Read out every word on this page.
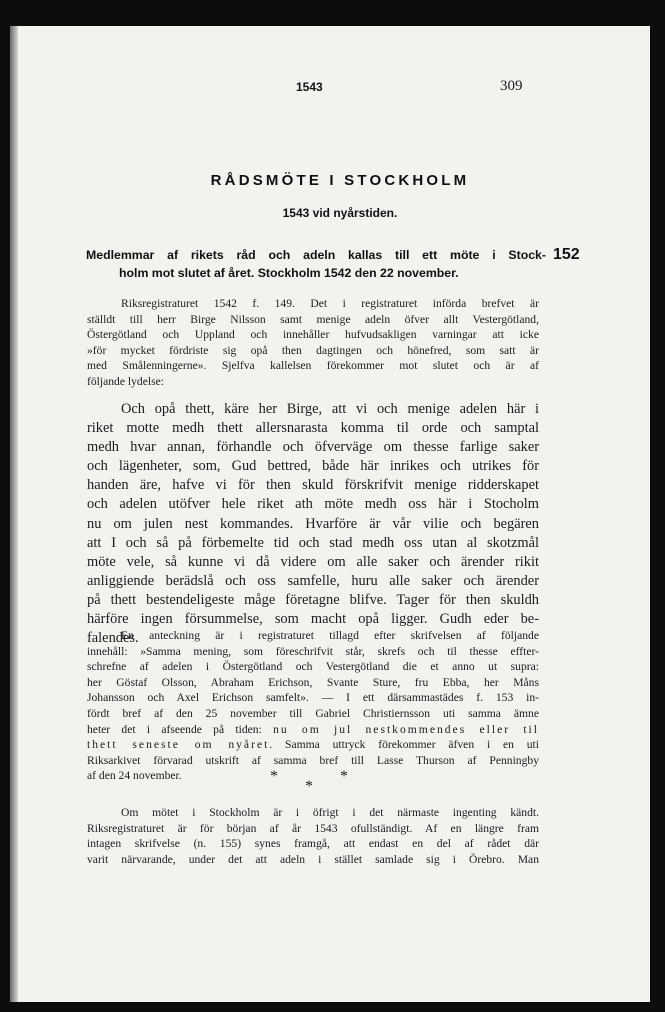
1543	309
RÅDSMÖTE I STOCKHOLM
1543 vid nyårstiden.
Medlemmar af rikets råd och adeln kallas till ett möte i Stock-
holm mot slutet af året. Stockholm 1542 den 22 november.
152
Riksregistraturet 1542 f. 149. Det i registraturet införda brefvet är
ställdt till herr Birge Nilsson samt menige adeln öfver allt Vestergötland,
Östergötland och Uppland och innehåller hufvudsakligen varningar att icke
»för mycket fördriste sig opå then dagtingen och hönefred, som satt är
med Smålenningerne». Sjelfva kallelsen förekommer mot slutet och är af
följande lydelse:
Och opå thett, käre her Birge, att vi och menige adelen här i
riket motte medh thett allersnarasta komma til orde och samptal
medh hvar annan, förhandle och öfverväge om thesse farlige saker
och lägenheter, som, Gud bettred, både här inrikes och utrikes för
handen äre, hafve vi för then skuld förskrifvit menige ridderskapet
och adelen utöfver hele riket ath möte medh oss här i Stocholm
nu om julen nest kommandes. Hvarföre är vår vilie och begären
att I och så på förbemelte tid och stad medh oss utan al skotzmål
möte vele, så kunne vi då videre om alle saker och ärender rikit
anliggiende berädslå och oss samfelle, huru alle saker och ärender
på thett bestendeligeste måge företagne blifve. Tager för then skuldh
härföre ingen försummelse, som macht opå ligger. Gudh eder be-
falendes.
En anteckning är i registraturet tillagd efter skrifvelsen af följande
innehåll: »Samma mening, som föreschrifvit står, skrefs och til thesse effter-
schrefne af adelen i Östergötland och Vestergötland die et anno ut supra:
her Göstaf Olsson, Abraham Erichson, Svante Sture, fru Ebba, her Måns
Johansson och Axel Erichson samfelt». — I ett därsammastädes f. 153 in-
fördt bref af den 25 november till Gabriel Christiernsson uti samma ämne
heter det i afseende på tiden: nu om jul nestkommendes eller til
thett seneste om nyåret. Samma uttryck förekommer äfven i en uti
Riksarkivet förvarad utskrift af samma bref till Lasse Thurson af Penningby
af den 24 november.	*	*
*
Om mötet i Stockholm är i öfrigt i det närmaste ingenting kändt.
Riksregistraturet är för början af år 1543 ofullständigt. Af en längre fram
intagen skrifvelse (n. 155) synes framgå, att endast en del af rådet där
varit närvarande, under det att adeln i stället samlade sig i Örebro. Man
